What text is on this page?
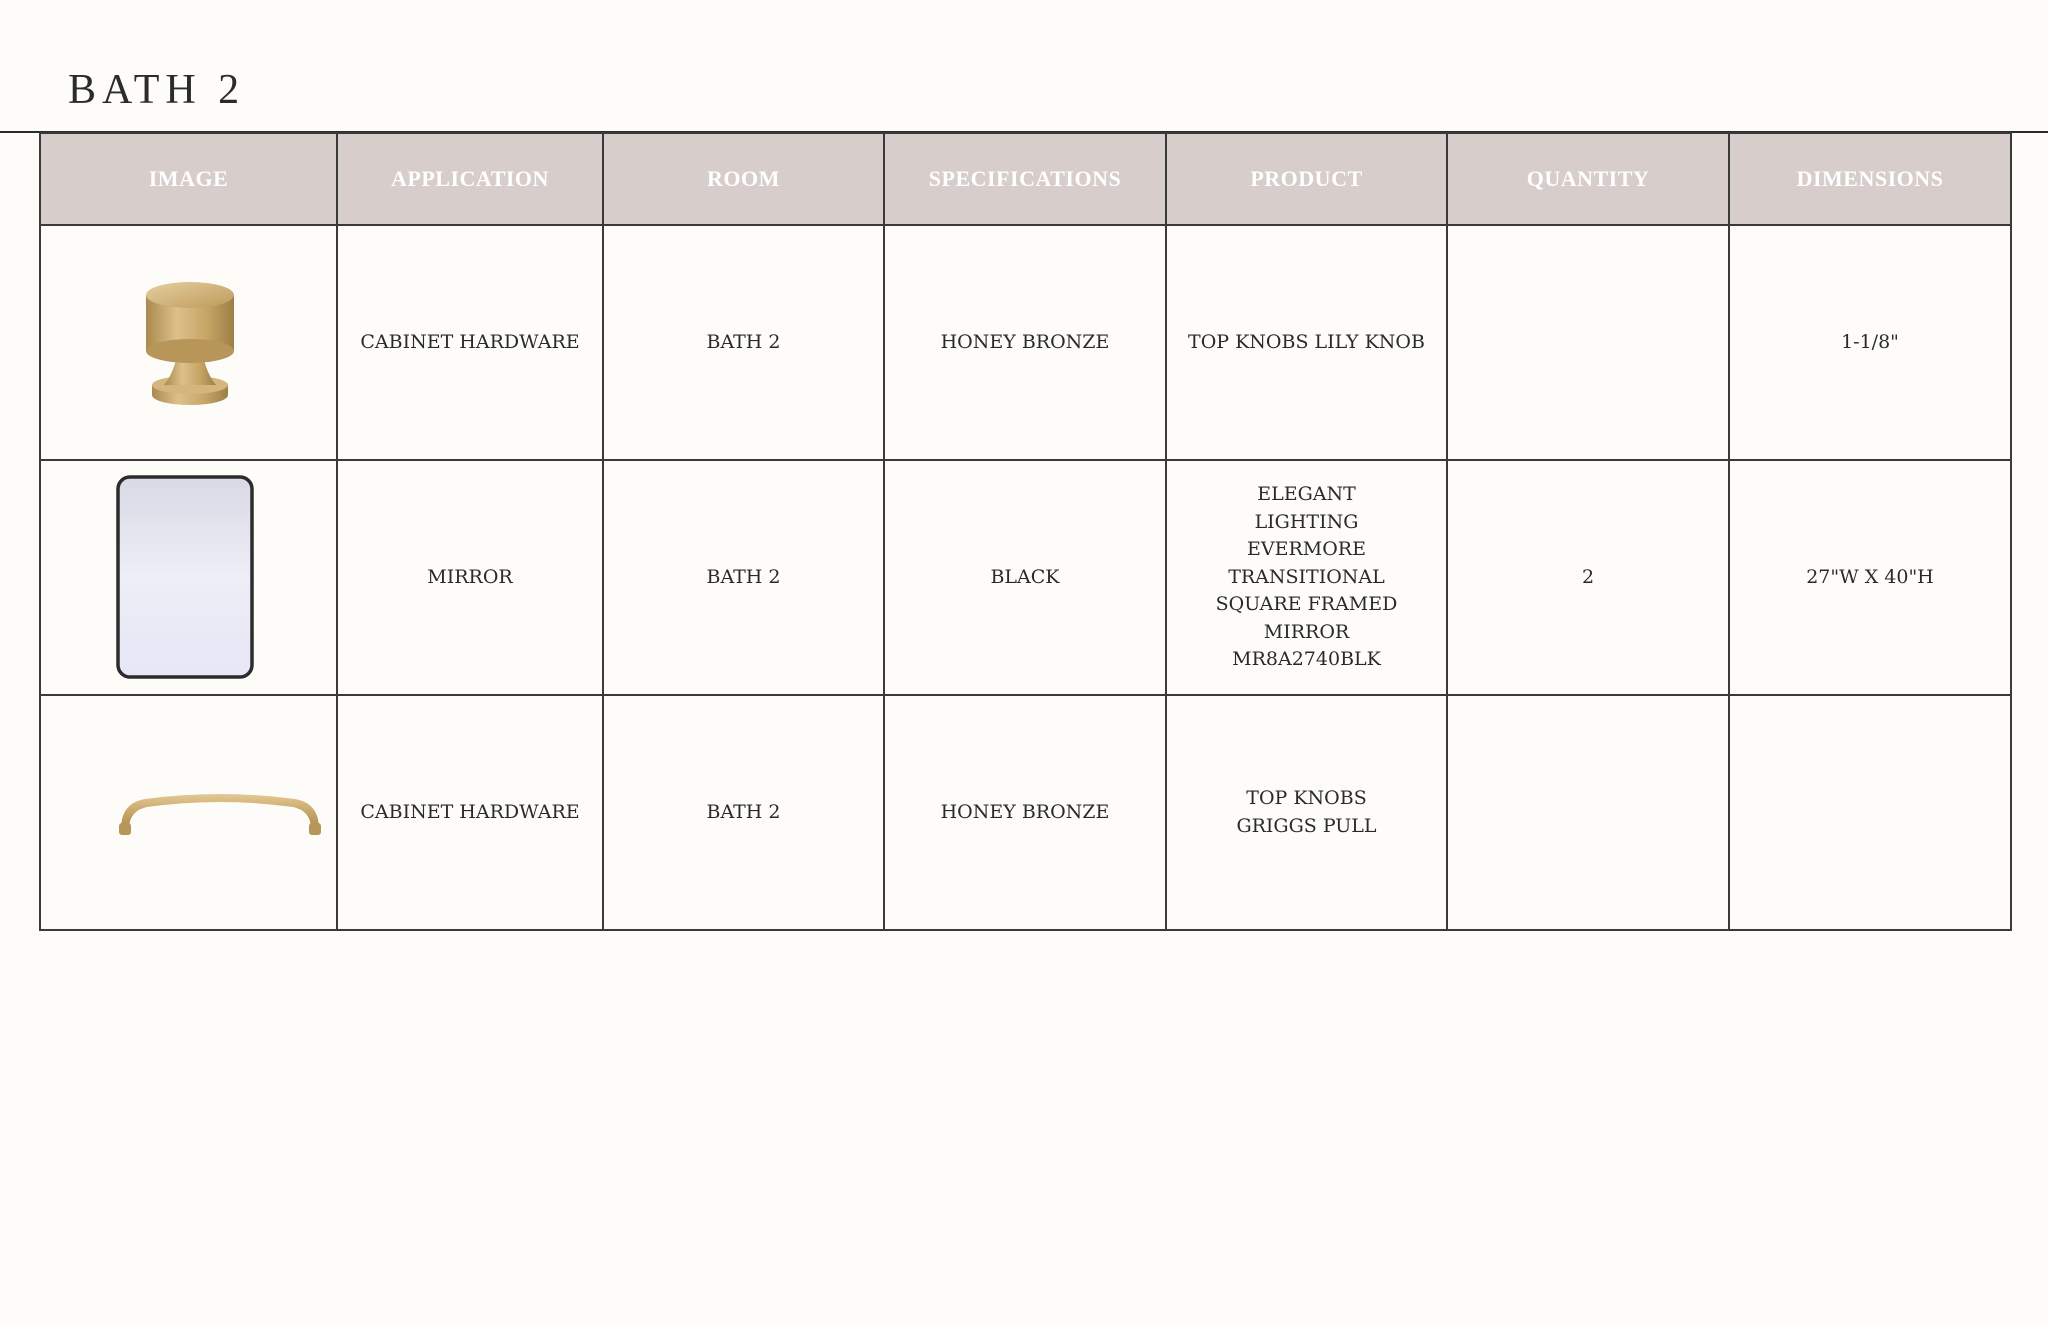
BATH 2
IMAGE	APPLICATION	ROOM	SPECIFICATIONS	PRODUCT	QUANTITY	DIMENSIONS

	CABINET HARDWARE	BATH 2	HONEY BRONZE	TOP KNOBS LILY KNOB		1-1/8"

	MIRROR	BATH 2	BLACK	ELEGANT LIGHTING EVERMORE TRANSITIONAL SQUARE FRAMED MIRROR MR8A2740BLK	2	27"W X 40"H

	CABINET HARDWARE	BATH 2	HONEY BRONZE	TOP KNOBS GRIGGS PULL		
